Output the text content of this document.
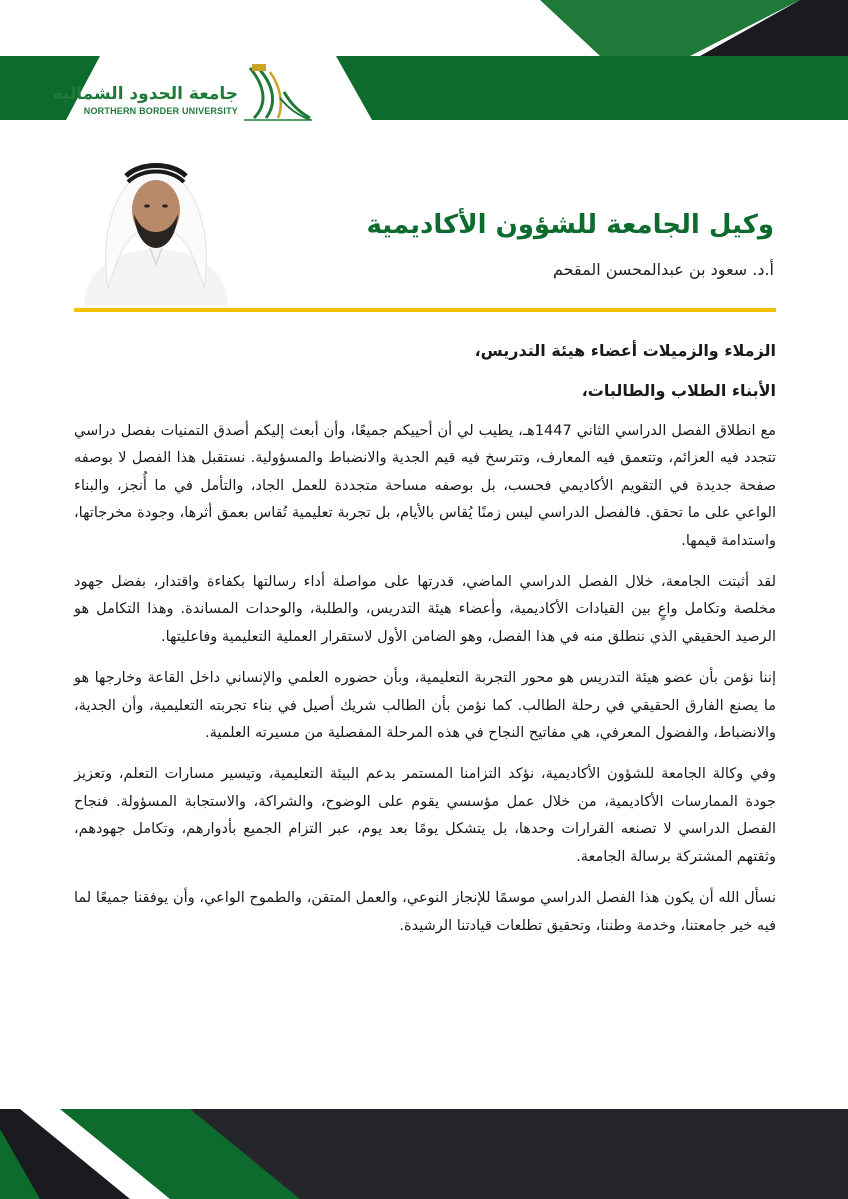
جامعة الحدود الشمالية
NORTHERN BORDER UNIVERSITY
وكيل الجامعة للشؤون الأكاديمية

أ.د. سعود بن عبدالمحسن المقحم

الزملاء والزميلات أعضاء هيئة التدريس،

الأبناء الطلاب والطالبات،

مع انطلاق الفصل الدراسي الثاني 1447هـ، يطيب لي أن أحييكم جميعًا، وأن أبعث إليكم أصدق التمنيات بفصل دراسي تتجدد فيه العزائم، وتتعمق فيه المعارف، وتترسخ فيه قيم الجدية والانضباط والمسؤولية. نستقبل هذا الفصل لا بوصفه صفحة جديدة في التقويم الأكاديمي فحسب، بل بوصفه مساحة متجددة للعمل الجاد، والتأمل في ما أُنجز، والبناء الواعي على ما تحقق. فالفصل الدراسي ليس زمنًا يُقاس بالأيام، بل تجربة تعليمية تُقاس بعمق أثرها، وجودة مخرجاتها، واستدامة قيمها.

لقد أثبتت الجامعة، خلال الفصل الدراسي الماضي، قدرتها على مواصلة أداء رسالتها بكفاءة واقتدار، بفضل جهود مخلصة وتكامل واعٍ بين القيادات الأكاديمية، وأعضاء هيئة التدريس، والطلبة، والوحدات المساندة. وهذا التكامل هو الرصيد الحقيقي الذي ننطلق منه في هذا الفصل، وهو الضامن الأول لاستقرار العملية التعليمية وفاعليتها.

إننا نؤمن بأن عضو هيئة التدريس هو محور التجربة التعليمية، وبأن حضوره العلمي والإنساني داخل القاعة وخارجها هو ما يصنع الفارق الحقيقي في رحلة الطالب. كما نؤمن بأن الطالب شريك أصيل في بناء تجربته التعليمية، وأن الجدية، والانضباط، والفضول المعرفي، هي مفاتيح النجاح في هذه المرحلة المفصلية من مسيرته العلمية.

وفي وكالة الجامعة للشؤون الأكاديمية، نؤكد التزامنا المستمر بدعم البيئة التعليمية، وتيسير مسارات التعلم، وتعزيز جودة الممارسات الأكاديمية، من خلال عمل مؤسسي يقوم على الوضوح، والشراكة، والاستجابة المسؤولة. فنجاح الفصل الدراسي لا تصنعه القرارات وحدها، بل يتشكل يومًا بعد يوم، عبر التزام الجميع بأدوارهم، وتكامل جهودهم، وثقتهم المشتركة برسالة الجامعة.

نسأل الله أن يكون هذا الفصل الدراسي موسمًا للإنجاز النوعي، والعمل المتقن، والطموح الواعي، وأن يوفقنا جميعًا لما فيه خير جامعتنا، وخدمة وطننا، وتحقيق تطلعات قيادتنا الرشيدة.
